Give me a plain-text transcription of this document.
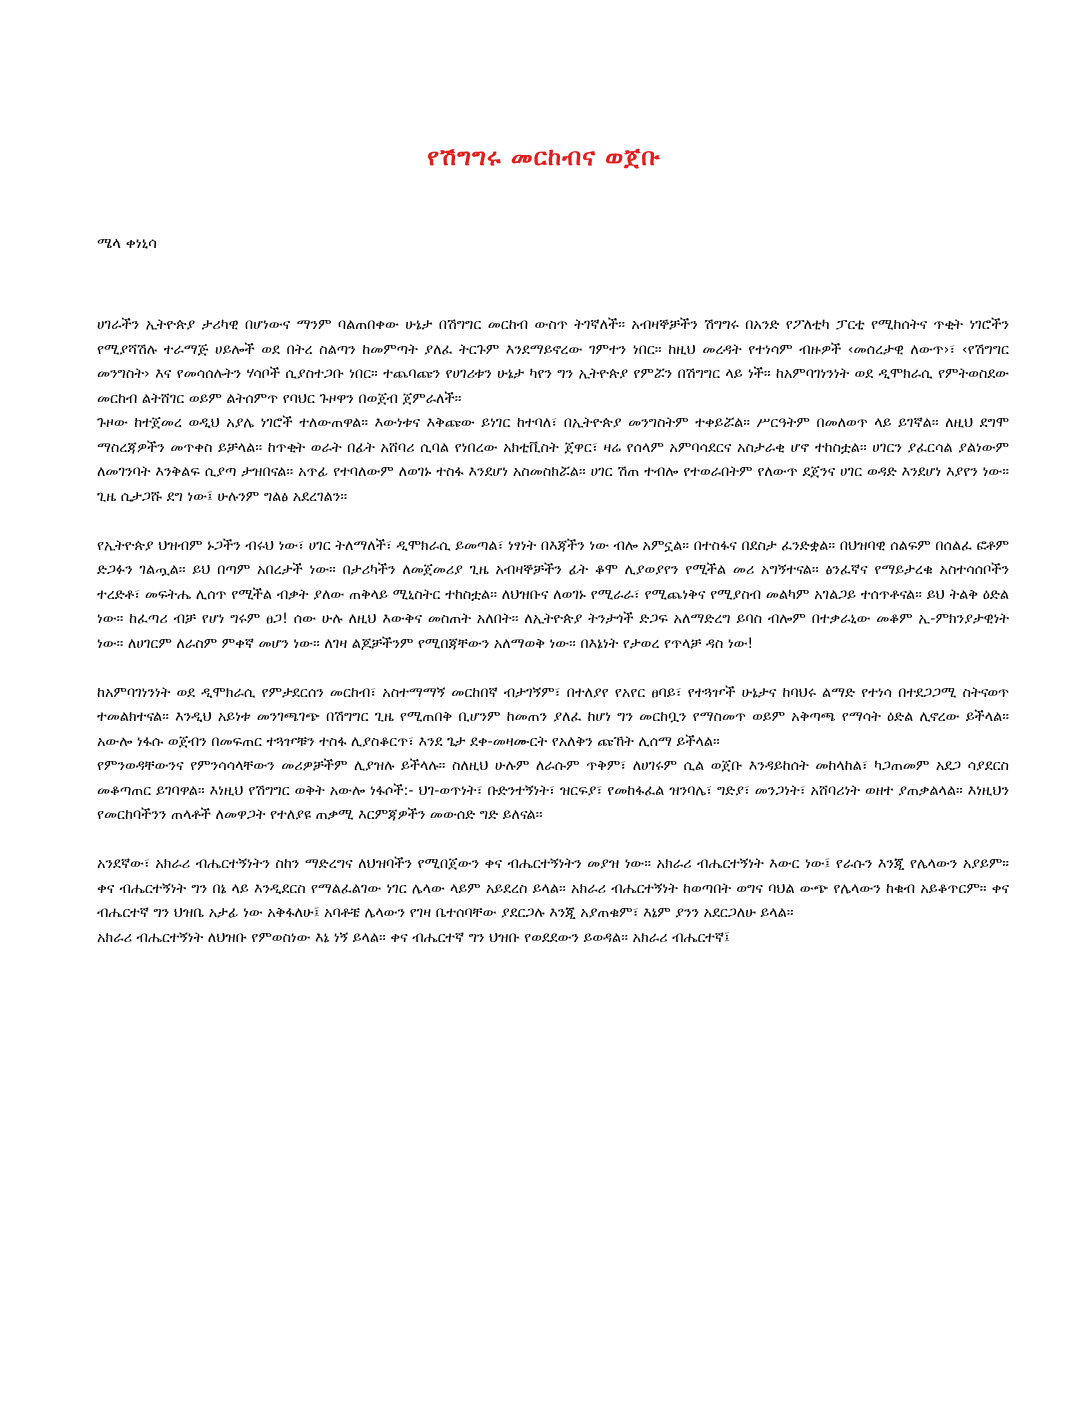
የሽግግሩ መርከብና ወጀቡ
ሜላ ቀነኒሳ

ሀገራችን ኢትዮጵያ ታሪካዊ በሆነውና ማንም ባልጠበቀው ሁኔታ በሽግግር መርከብ ውስጥ ትገኛለች፡፡ አብዛኞቻችን ሽግግሩ በአንድ የፖለቲካ ፓርቲ የሚከሰትና ጥቂት ነገሮችን የሚያሻሽሉ ተራማጅ ሀይሎች ወደ በትረ ስልጣን ከመምጣት ያለፈ ትርጉም እንደማይኖረው ገምተን ነበር፡፡ ከዚህ መረዳት የተነሳም ብዙዎች ‹መሰረታዊ ለውጥ›፣ ‹የሽግግር መንግስት› እና የመሳሰሉትን ሃሳቦች ሲያስተጋቡ ነበር። ተጨባጩን የሀገሪቱን ሁኔታ ካየን ግን ኢትዮጵያ የምሯን በሽግግር ላይ ነች። ከአምባገነንነት ወደ ዲሞክራሲ የምትወስደው መርከብ ልትሸገር ወይም ልትሰምጥ የባህር ጉዞዋን በወጀብ ጀምራለች፡፡

ጉዞው ከተጀመረ ወዲህ አያሌ ነገሮች ተለውጠዋል፡፡ እውነቱና እቅጩው ይነገር ከተባለ፣ በኢትዮጵያ መንግስትም ተቀይሯል። ሥርዓትም በመለወጥ ላይ ይገኛል፡፡ ለዚህ ደግሞ ማስረጃዎችን መጥቀስ ይቻላል፡፡ ከጥቂት ወራት በፊት አሸባሪ ሲባል የነበረው አክቲቪስት ጀዋር፣ ዛሬ የሰላም አምባሳደርና አስታራቂ ሆኖ ተከስቷል፡፡ ሀገርን ያፈርሳል ያልነውም ለመገንባት እንቅልፍ ሲያጣ ታዝበናል፡፡ አጥፊ የተባለውም ለወገኑ ተስፋ እንደሆነ አስመስክሯል፡፡ ሀገር ሽጠ ተብሎ የተወራበትም የለውጥ ደጀንና ሀገር ወዳድ እንደሆነ እያየን ነው፡፡ ጊዜ ሲታጋሹ ደግ ነው፤ ሁሉንም ግልፅ አደረገልን፡፡

የኢትዮጵያ ህዝብም ኑጋችን ብሩህ ነው፣ ሀገር ትለማለች፣ ዲሞክራሲ ይመጣል፣ ነፃነት በእጃችን ነው ብሎ አምኗል፡፡ በተስፋና በደስታ ፈንድቋል። በህዝባዊ ሰልፍም በሰልፈ ፎቶም ድጋፉን ገልጧል፡፡ ይህ በጣም አበረታች ነው። በታሪካችን ለመጀመሪያ ጊዜ አብዛኞቻችን ፊት ቆሞ ሊያወያየን የሚችል መሪ አግኝተናል፡፡ ፅንፈኛና የማይታረቁ አስተሳሰቦችን ተረድቶ፣ መፍትሔ ሊሰጥ የሚችል ብቃት ያለው ጠቅላይ ሚኒስትር ተከስቷል፡፡ ለህዝቡና ለወገኑ የሚራራ፣ የሚጨነቅና የሚያስብ መልካም አገልጋይ ተሰጥቶናል፡፡ ይህ ትልቅ ዕድል ነው፡፡ ከፈጣሪ ብቻ የሆነ ግሩም ፀጋ! ሰው ሁሉ ለዚህ እውቅና መስጠት አለበት፡፡ ለኢትዮጵያ ትንታጎች ድጋፍ አለማድረግ ይባስ ብሎም በተቃራኒው መቆም ኢ-ምክንያታዊነት ነው፡፡ ለሀገርም ለራስም ምቀኛ መሆን ነው፡፡ ለገዛ ልጆቻችንም የሚበጃቸውን አለማወቅ ነው፡፡ በእኔነት የታወረ የጥላቻ ዳስ ነው!

ከአምባገነንነት ወደ ዲሞክራሲ የምታደርሰን መርከብ፣ አስተማማኝ መርከበኛ ብታገኝም፣ በተለያየ የአየር ፀባይ፣ የተጓዦች ሁኔታና ከባህሩ ልማድ የተነሳ በተደጋጋሚ ስትናወጥ ተመልክተናል፡፡ እንዲህ አይነቱ መንገጫገጭ በሽግግር ጊዜ የሚጠበቅ ቢሆንም ከመጠን ያለፈ ከሆነ ግን መርከቧን የማስመጥ ወይም አቅጣጫ የማሳት ዕድል ሊኖረው ይችላል፡፡ አውሎ ነፋሱ ወጀብን በመፍጠር ተጓዦቹን ተስፋ ሊያስቆርጥ፣ እንደ ጌታ ደቀ-መዛሙርት የአለቅን ጩኸት ሊሰማ ይችላል፡፡

የምንወዳቸውንና የምንሳሳላቸውን መሪዎቻችም ሊያዝሉ ይችላሉ። ስለዚህ ሁሉም ለራሱም ጥቅም፣ ለሀገሩም ሲል ወጀቡ እንዳይከሰት መከላከል፣ ካጋጠመም አደጋ ሳያደርስ መቆጣጠር ይገባዋል፡፡ እነዚህ የሽግግር ወቅት አውሎ ነፋሶች:- ህገ-ወጥነት፣ ቡድንተኝነት፣ ዝርፍያ፣ የመከፋፈል ዝንባሌ፣ ግድያ፣ መንጋነት፣ አሸባሪነት ወዘተ ያጠቃልላል። እነዚህን የመርከባችንን ጠላቶች ለመዋጋት የተለያዩ ጠቃሚ እርምጃዎችን መውሰድ ግድ ይለናል፡፡

አንደኛው፣ አክራሪ ብሔርተኝነትን ስከን ማድረግና ለህዝባችን የሚበጀውን ቀና ብሔርተኝነትን መያዝ ነው፡፡ አክራሪ ብሔርተኝነት እውር ነው፤ የራሱን እንጂ የሌላውን አያይም። ቀና ብሔርተኝነት ግን በኔ ላይ እንዲደርስ የማልፈልገው ነገር ሌላው ላይም አይደረስ ይላል፡፡ አክራሪ ብሔርተኝነት ከወጣበት ወግና ባህል ውጭ የሌላውን ከቁብ አይቆጥርም። ቀና ብሔርተኛ ግን ህዝቤ አታፊ ነው አቅፋለሁ፤ አባቶቼ ሌላውን የገዛ ቤተሰባቸው ያደርጋሉ እንጂ አያጠቁም፣ እኔም ያንን አደርጋለሁ ይላል።

አክራሪ ብሔርተኝነት ለህዝቡ የምወስነው እኔ ነኝ ይላል፡፡ ቀና ብሔርተኛ ግን ህዝቡ የወደደውን ይወዳል፡፡ አክራሪ ብሔርተኛ፤
